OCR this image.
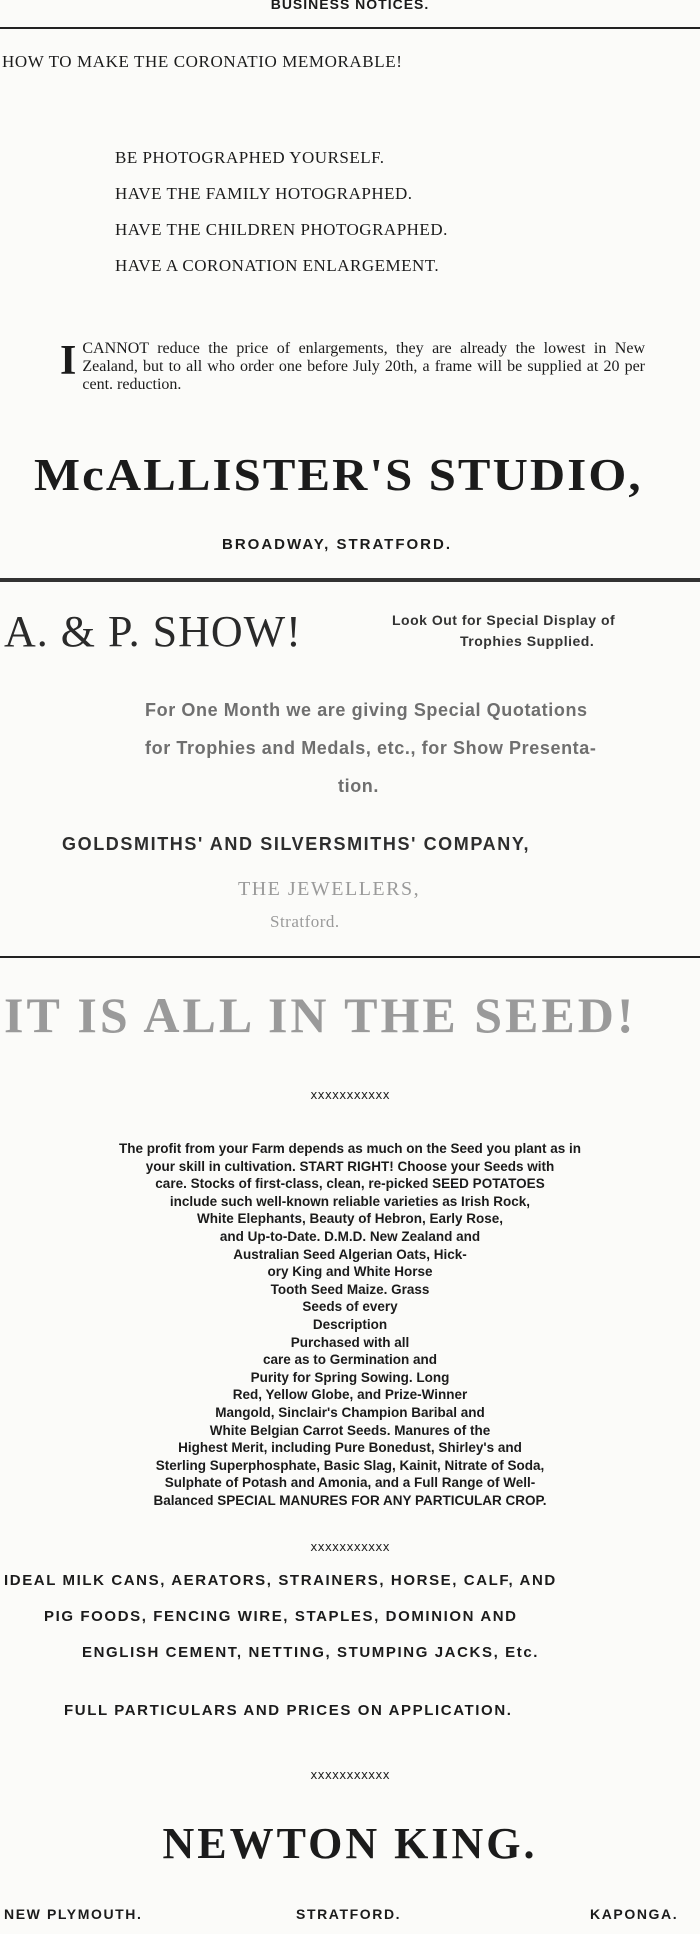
BUSINESS NOTICES.
HOW TO MAKE THE CORONATIO MEMORABLE!
BE PHOTOGRAPHED YOURSELF.
HAVE THE FAMILY HOTOGRAPHED.
HAVE THE CHILDREN PHOTOGRAPHED.
HAVE A CORONATION ENLARGEMENT.
I CANNOT reduce the price of enlargements, they are already the lowest in New Zealand, but to all who order one before July 20th, a frame will be supplied at 20 per cent. reduction.
McALLISTER'S STUDIO,
BROADWAY, STRATFORD.
A. & P. SHOW!	Look Out for Special Display of
Trophies Supplied.
For One Month we are giving Special Quotations
for Trophies and Medals, etc., for Show Presenta-
tion.
GOLDSMITHS' AND SILVERSMITHS' COMPANY,
THE JEWELLERS,
Stratford.
IT IS ALL IN THE SEED!
xxxxxxxxxxx
The profit from your Farm depends as much on the Seed you plant as in
your skill in cultivation. START RIGHT! Choose your Seeds with
care. Stocks of first-class, clean, re-picked SEED POTATOES
include such well-known reliable varieties as Irish Rock,
White Elephants, Beauty of Hebron, Early Rose,
and Up-to-Date. D.M.D. New Zealand and
Australian Seed Algerian Oats, Hick-
ory King and White Horse
Tooth Seed Maize. Grass
Seeds of every
Description
Purchased with all
care as to Germination and
Purity for Spring Sowing. Long
Red, Yellow Globe, and Prize-Winner
Mangold, Sinclair's Champion Baribal and
White Belgian Carrot Seeds. Manures of the
Highest Merit, including Pure Bonedust, Shirley's and
Sterling Superphosphate, Basic Slag, Kainit, Nitrate of Soda,
Sulphate of Potash and Amonia, and a Full Range of Well-
Balanced SPECIAL MANURES FOR ANY PARTICULAR CROP.
xxxxxxxxxxx
IDEAL MILK CANS, AERATORS, STRAINERS, HORSE, CALF, AND
PIG FOODS, FENCING WIRE, STAPLES, DOMINION AND
ENGLISH CEMENT, NETTING, STUMPING JACKS, Etc.
FULL PARTICULARS AND PRICES ON APPLICATION.
xxxxxxxxxxx
NEWTON KING.
NEW PLYMOUTH.	STRATFORD.	KAPONGA.
